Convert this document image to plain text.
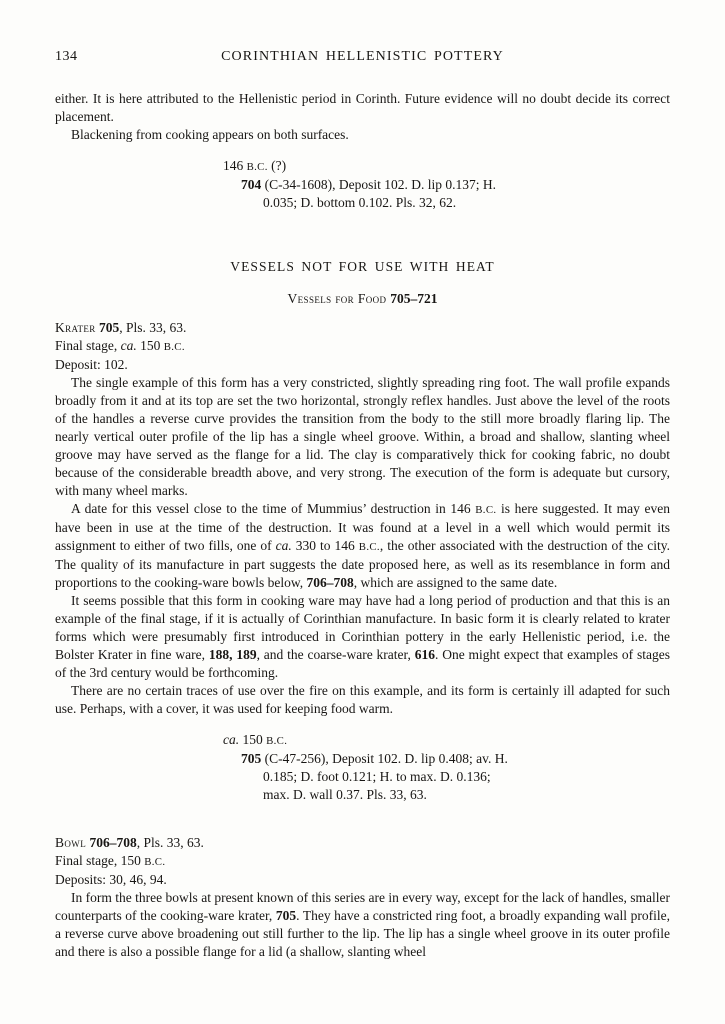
134	CORINTHIAN HELLENISTIC POTTERY

either. It is here attributed to the Hellenistic period in Corinth. Future evidence will no doubt decide its correct placement.

Blackening from cooking appears on both surfaces.

146 B.C. (?)
704 (C-34-1608), Deposit 102. D. lip 0.137; H.
0.035; D. bottom 0.102. Pls. 32, 62.
VESSELS NOT FOR USE WITH HEAT
Vessels for Food 705–721
Krater 705, Pls. 33, 63.
Final stage, ca. 150 B.C.
Deposit: 102.

The single example of this form has a very constricted, slightly spreading ring foot. The wall profile expands broadly from it and at its top are set the two horizontal, strongly reflex handles. Just above the level of the roots of the handles a reverse curve provides the transition from the body to the still more broadly flaring lip. The nearly vertical outer profile of the lip has a single wheel groove. Within, a broad and shallow, slanting wheel groove may have served as the flange for a lid. The clay is comparatively thick for cooking fabric, no doubt because of the considerable breadth above, and very strong. The execution of the form is adequate but cursory, with many wheel marks.

A date for this vessel close to the time of Mummius’ destruction in 146 B.C. is here suggested. It may even have been in use at the time of the destruction. It was found at a level in a well which would permit its assignment to either of two fills, one of ca. 330 to 146 B.C., the other associated with the destruction of the city. The quality of its manufacture in part suggests the date proposed here, as well as its resemblance in form and proportions to the cooking-ware bowls below, 706–708, which are assigned to the same date.

It seems possible that this form in cooking ware may have had a long period of production and that this is an example of the final stage, if it is actually of Corinthian manufacture. In basic form it is clearly related to krater forms which were presumably first introduced in Corinthian pottery in the early Hellenistic period, i.e. the Bolster Krater in fine ware, 188, 189, and the coarse-ware krater, 616. One might expect that examples of stages of the 3rd century would be forthcoming.

There are no certain traces of use over the fire on this example, and its form is certainly ill adapted for such use. Perhaps, with a cover, it was used for keeping food warm.

ca. 150 B.C.
705 (C-47-256), Deposit 102. D. lip 0.408; av. H.
0.185; D. foot 0.121; H. to max. D. 0.136;
max. D. wall 0.37. Pls. 33, 63.
Bowl 706–708, Pls. 33, 63.
Final stage, 150 B.C.
Deposits: 30, 46, 94.

In form the three bowls at present known of this series are in every way, except for the lack of handles, smaller counterparts of the cooking-ware krater, 705. They have a constricted ring foot, a broadly expanding wall profile, a reverse curve above broadening out still further to the lip. The lip has a single wheel groove in its outer profile and there is also a possible flange for a lid (a shallow, slanting wheel
